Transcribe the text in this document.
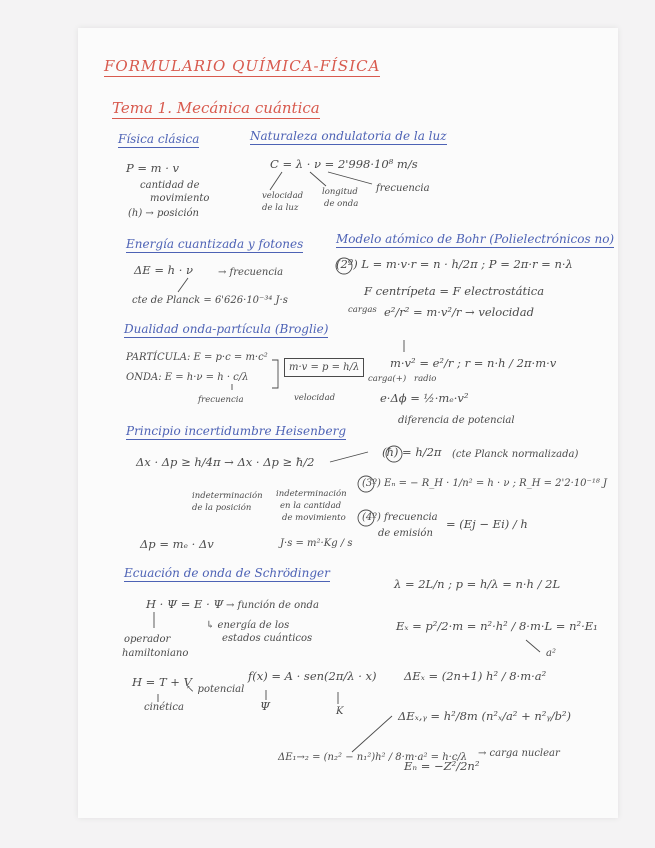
FORMULARIO QUÍMICA-FÍSICA
Tema 1. Mecánica cuántica
Física clásica
P = m · v
cantidad de
movimiento
(h) → posición
Naturaleza ondulatoria de la luz
C = λ · ν = 2'998·10⁸ m/s
velocidad
de la luz
longitud
de onda
frecuencia
Energía cuantizada y fotones
ΔE = h · ν → frecuencia
cte de Planck = 6'626·10⁻³⁴ J·s
Modelo atómico de Bohr (Polielectrónicos no)
(2º) L = m·v·r = n · h/2π ; P = 2π·r = n·λ
F centrípeta = F electrostática
cargas e²/r² = m·v²/r → velocidad
m·v² = e²/r ; r = n·h / 2π·m·v
carga(+) radio
e·Δϕ = ½·mₑ·v²
diferencia de potencial
Dualidad onda-partícula (Broglie)
PARTÍCULA: E = p·c = m·c²
ONDA: E = h·ν = h · c/λ
m·v = p = h/λ
frecuencia	velocidad
Principio incertidumbre Heisenberg
Δx · Δp ≥ h/4π → Δx · Δp ≥ ħ/2
indeterminación
de la posición
indeterminación
en la cantidad
de movimiento
Δp = mₑ · Δv	J·s = m²·Kg / s
(ħ) = h/2π (cte Planck normalizada)
(3º) Eₙ = − R_H · 1/n² = h · ν ; R_H = 2'2·10⁻¹⁸ J
(4º) frecuencia
de emisión
= (Ej − Ei) / h
Ecuación de onda de Schrödinger
H · Ψ = E · Ψ → función de onda
↳ energía de los
estados cuánticos
operador
hamiltoniano
H = T + V
↖ potencial
cinética
f(x) = A · sen(2π/λ · x)
Ψ	K
λ = 2L/n ; p = h/λ = n·h / 2L
Eₓ = p²/2·m = n²·h² / 8·m·L = n²·E₁
a²
ΔEₓ = (2n+1) h² / 8·m·a²
ΔEₓ,ᵧ = h²/8m (n²ₓ/a² + n²ᵧ/b²)
ΔE₁→₂ = (n₂² − n₁²)h² / 8·m·a² = h·c/λ
Eₙ = −Z²/2n²
→ carga nuclear
